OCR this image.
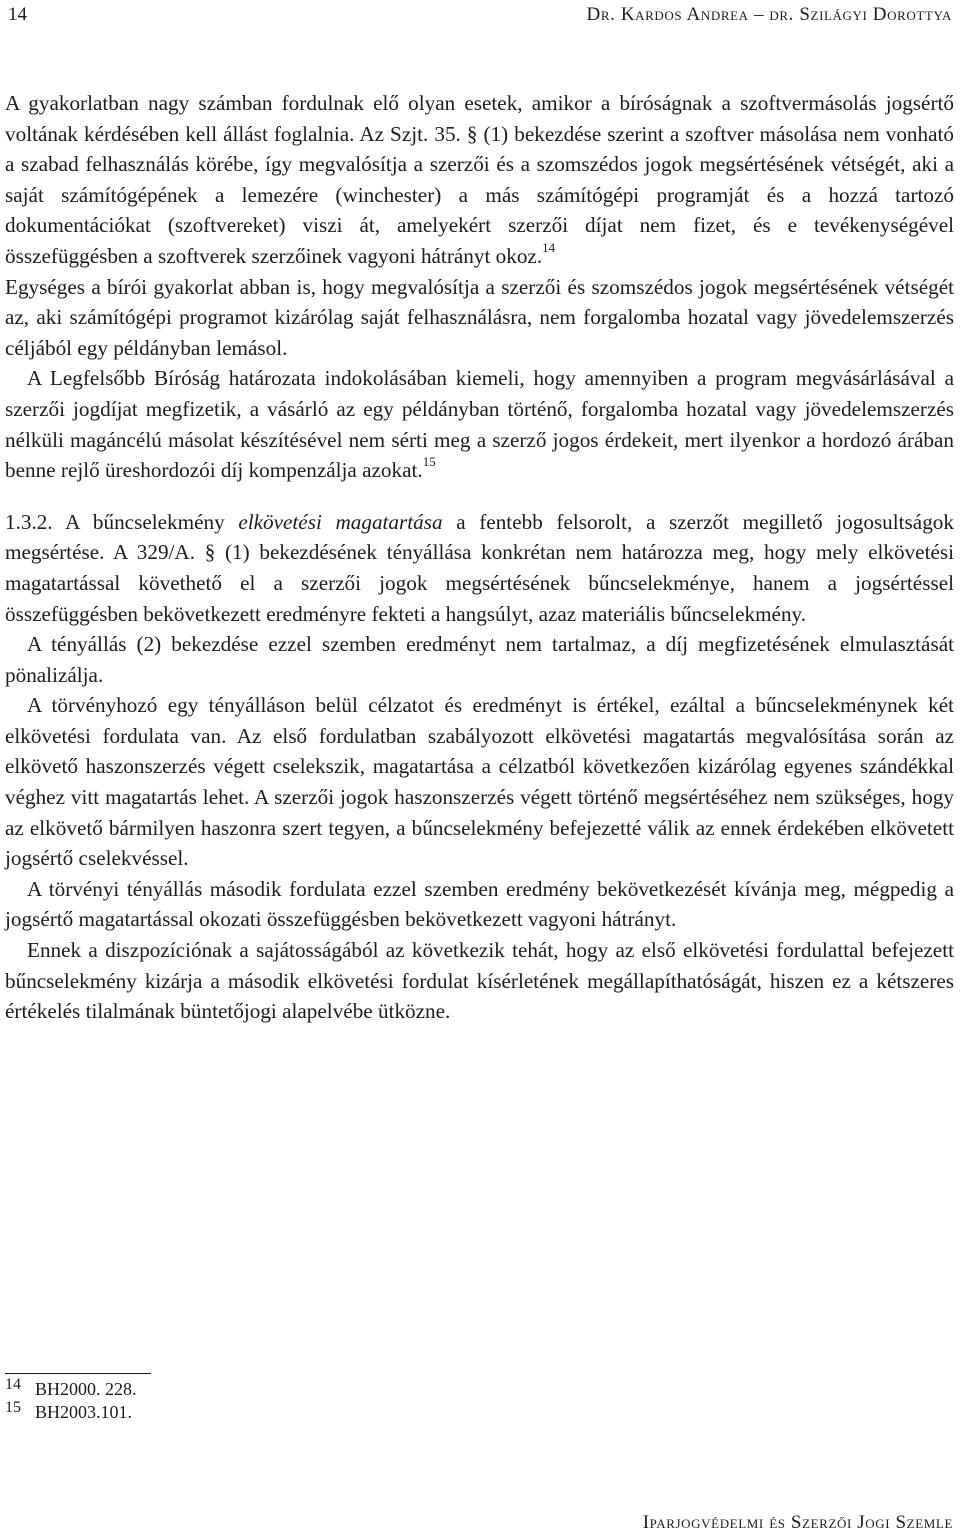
14	Dr. Kardos Andrea – dr. Szilágyi Dorottya

A gyakorlatban nagy számban fordulnak elő olyan esetek, amikor a bíróságnak a szoftvermásolás jogsértő voltának kérdésében kell állást foglalnia. Az Szjt. 35. § (1) bekezdése szerint a szoftver másolása nem vonható a szabad felhasználás körébe, így megvalósítja a szerzői és a szomszédos jogok megsértésének vétségét, aki a saját számítógépének a lemezére (winchester) a más számítógépi programját és a hozzá tartozó dokumentációkat (szoftvereket) viszi át, amelyekért szerzői díjat nem fizet, és e tevékenységével összefüggésben a szoftverek szerzőinek vagyoni hátrányt okoz.$^{14}$

Egységes a bírói gyakorlat abban is, hogy megvalósítja a szerzői és szomszédos jogok megsértésének vétségét az, aki számítógépi programot kizárólag saját felhasználásra, nem forgalomba hozatal vagy jövedelemszerzés céljából egy példányban lemásol.

A Legfelsőbb Bíróság határozata indokolásában kiemeli, hogy amennyiben a program megvásárlásával a szerzői jogdíjat megfizetik, a vásárló az egy példányban történő, forgalomba hozatal vagy jövedelemszerzés nélküli magáncélú másolat készítésével nem sérti meg a szerző jogos érdekeit, mert ilyenkor a hordozó árában benne rejlő üreshordozói díj kompenzálja azokat.$^{15}$

1.3.2. A bűncselekmény elkövetési magatartása a fentebb felsorolt, a szerzőt megillető jogosultságok megsértése. A 329/A. § (1) bekezdésének tényállása konkrétan nem határozza meg, hogy mely elkövetési magatartással követhető el a szerzői jogok megsértésének bűncselekménye, hanem a jogsértéssel összefüggésben bekövetkezett eredményre fekteti a hangsúlyt, azaz materiális bűncselekmény.

A tényállás (2) bekezdése ezzel szemben eredményt nem tartalmaz, a díj megfizetésének elmulasztását pönalizálja.

A törvényhozó egy tényálláson belül célzatot és eredményt is értékel, ezáltal a bűncselekménynek két elkövetési fordulata van. Az első fordulatban szabályozott elkövetési magatartás megvalósítása során az elkövető haszonszerzés végett cselekszik, magatartása a célzatból következően kizárólag egyenes szándékkal véghez vitt magatartás lehet. A szerzői jogok haszonszerzés végett történő megsértéséhez nem szükséges, hogy az elkövető bármilyen haszonra szert tegyen, a bűncselekmény befejezetté válik az ennek érdekében elkövetett jogsértő cselekvéssel.

A törvényi tényállás második fordulata ezzel szemben eredmény bekövetkezését kívánja meg, mégpedig a jogsértő magatartással okozati összefüggésben bekövetkezett vagyoni hátrányt.

Ennek a diszpozíciónak a sajátosságából az következik tehát, hogy az első elkövetési fordulattal befejezett bűncselekmény kizárja a második elkövetési fordulat kísérletének megállapíthatóságát, hiszen ez a kétszeres értékelés tilalmának büntetőjogi alapelvébe ütközne.

14 BH2000. 228.
15 BH2003.101.
Iparjogvédelmi és Szerzői Jogi Szemle
